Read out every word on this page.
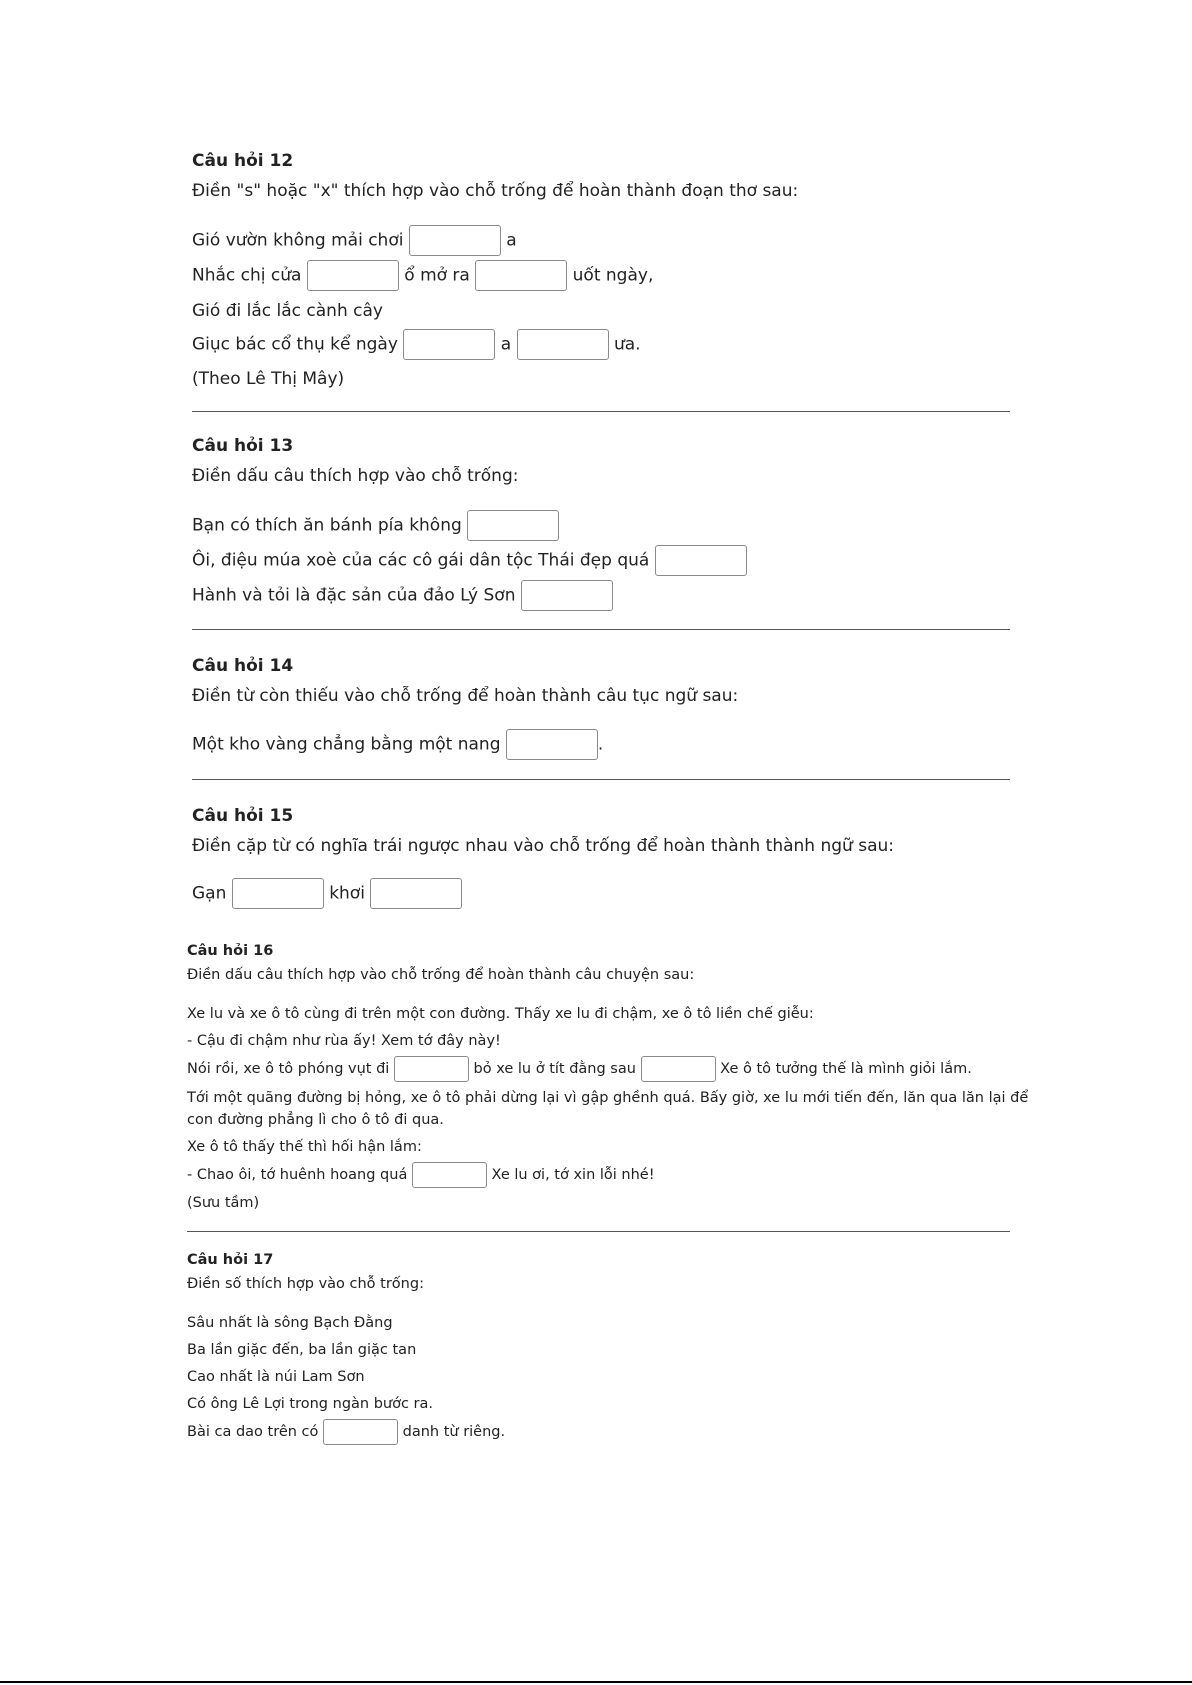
Câu hỏi 12
Điền "s" hoặc "x" thích hợp vào chỗ trống để hoàn thành đoạn thơ sau:
Gió vườn không mải chơi	a
Nhắc chị cửa	ổ mở ra	uốt ngày,
Gió đi lắc lắc cành cây
Giục bác cổ thụ kể ngày	a	ưa.
(Theo Lê Thị Mây)
Câu hỏi 13
Điền dấu câu thích hợp vào chỗ trống:
Bạn có thích ăn bánh pía không
Ôi, điệu múa xoè của các cô gái dân tộc Thái đẹp quá
Hành và tỏi là đặc sản của đảo Lý Sơn
Câu hỏi 14
Điền từ còn thiếu vào chỗ trống để hoàn thành câu tục ngữ sau:
Một kho vàng chẳng bằng một nang	.
Câu hỏi 15
Điền cặp từ có nghĩa trái ngược nhau vào chỗ trống để hoàn thành thành ngữ sau:
Gạn	khơi
Câu hỏi 16
Điền dấu câu thích hợp vào chỗ trống để hoàn thành câu chuyện sau:
Xe lu và xe ô tô cùng đi trên một con đường. Thấy xe lu đi chậm, xe ô tô liền chế giễu:
- Cậu đi chậm như rùa ấy! Xem tớ đây này!
Nói rồi, xe ô tô phóng vụt đi	bỏ xe lu ở tít đằng sau	Xe ô tô tưởng thế là mình giỏi lắm.
Tới một quãng đường bị hỏng, xe ô tô phải dừng lại vì gập ghềnh quá. Bấy giờ, xe lu mới tiến đến, lăn qua lăn lại để
con đường phẳng lì cho ô tô đi qua.
Xe ô tô thấy thế thì hối hận lắm:
- Chao ôi, tớ huênh hoang quá	Xe lu ơi, tớ xin lỗi nhé!
(Sưu tầm)
Câu hỏi 17
Điền số thích hợp vào chỗ trống:
Sâu nhất là sông Bạch Đằng
Ba lần giặc đến, ba lần giặc tan
Cao nhất là núi Lam Sơn
Có ông Lê Lợi trong ngàn bước ra.
Bài ca dao trên có	danh từ riêng.
